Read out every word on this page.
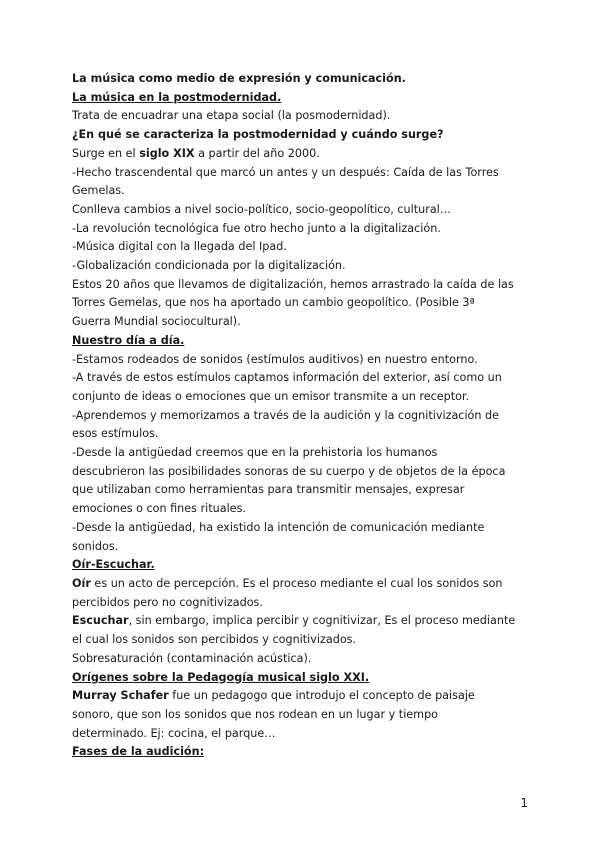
La música como medio de expresión y comunicación.
La música en la postmodernidad.
Trata de encuadrar una etapa social (la posmodernidad).
¿En qué se caracteriza la postmodernidad y cuándo surge?
Surge en el siglo XIX a partir del año 2000.
-Hecho trascendental que marcó un antes y un después: Caída de las Torres
Gemelas.
Conlleva cambios a nivel socio-político, socio-geopolítico, cultural…
-La revolución tecnológica fue otro hecho junto a la digitalización.
-Música digital con la llegada del Ipad.
-Globalización condicionada por la digitalización.
Estos 20 años que llevamos de digitalización, hemos arrastrado la caída de las
Torres Gemelas, que nos ha aportado un cambio geopolítico. (Posible 3ª
Guerra Mundial sociocultural).
Nuestro día a día.
-Estamos rodeados de sonidos (estímulos auditivos) en nuestro entorno.
-A través de estos estímulos captamos información del exterior, así como un
conjunto de ideas o emociones que un emisor transmite a un receptor.
-Aprendemos y memorizamos a través de la audición y la cognitivización de
esos estímulos.
-Desde la antigüedad creemos que en la prehistoria los humanos
descubrieron las posibilidades sonoras de su cuerpo y de objetos de la época
que utilizaban como herramientas para transmitir mensajes, expresar
emociones o con fines rituales.
-Desde la antigüedad, ha existido la intención de comunicación mediante
sonidos.
Oír-Escuchar.
Oír es un acto de percepción. Es el proceso mediante el cual los sonidos son
percibidos pero no cognitivizados.
Escuchar, sin embargo, implica percibir y cognitivizar, Es el proceso mediante
el cual los sonidos son percibidos y cognitivizados.
Sobresaturación (contaminación acústica).
Orígenes sobre la Pedagogía musical siglo XXI.
Murray Schafer fue un pedagogo que introdujo el concepto de paisaje
sonoro, que son los sonidos que nos rodean en un lugar y tiempo
determinado. Ej: cocina, el parque…
Fases de la audición:
1
